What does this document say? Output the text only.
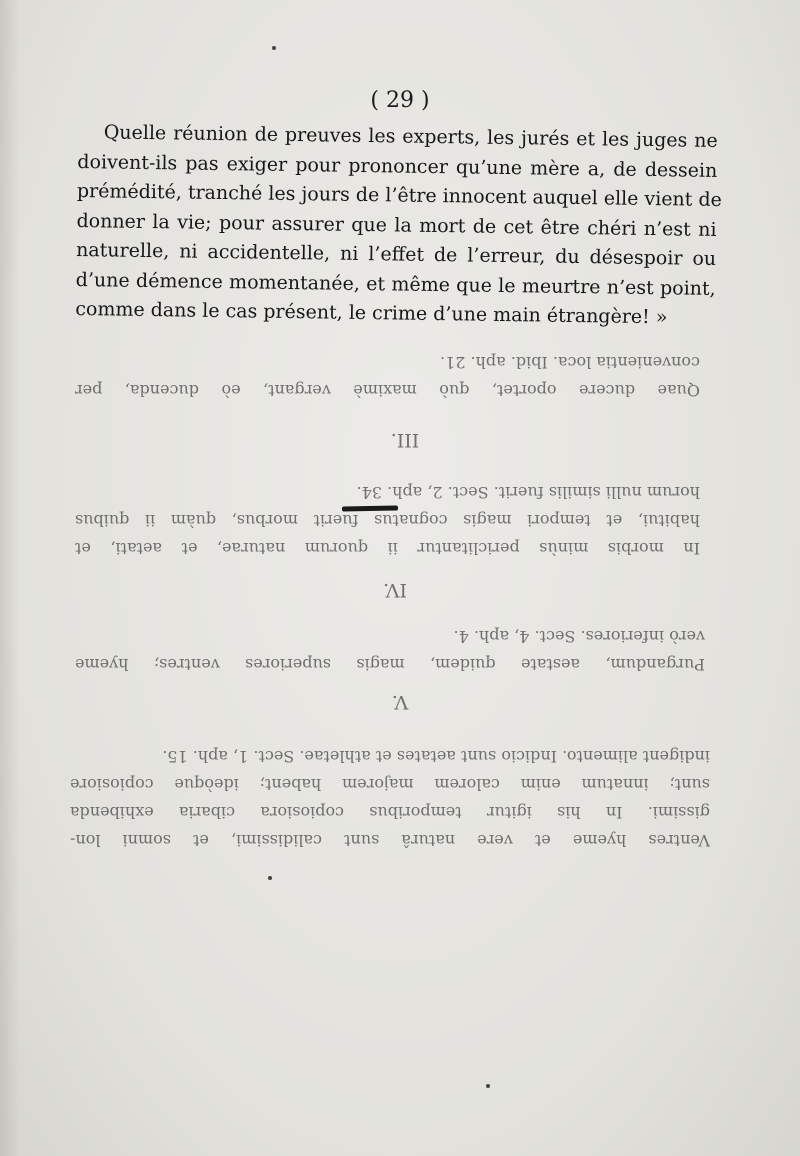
( 29 )
Quelle réunion de preuves les experts, les jurés et les juges ne
doivent-ils pas exiger pour prononcer qu’une mère a, de dessein
prémédité, tranché les jours de l’être innocent auquel elle vient de
donner la vie; pour assurer que la mort de cet être chéri n’est ni
naturelle, ni accidentelle, ni l’effet de l’erreur, du désespoir ou
d’une démence momentanée, et même que le meurtre n’est point,
comme dans le cas présent, le crime d’une main étrangère! »
Quae ducere oportet, quò maximè vergant, eò ducenda, per
convenientia loca. Ibid. aph. 21.
III.
In morbis minùs periclitantur ii quorum naturae, et aetati, et
habitui, et tempori magis cognatus fuerit morbus, quàm ii quibus
horum nulli similis fuerit. Sect. 2, aph. 34.
IV.
Purgandum, aestate quidem, magis superiores ventres; hyeme
verò inferiores. Sect. 4, aph. 4.
V.
Ventres hyeme et vere naturâ sunt calidissimi, et somni lon-
gissimi. In his igitur temporibus copiosiora cibaria exhibenda
sunt; innatum enim calorem majorem habent; ideòque copiosiore
indigent alimento. Indicio sunt aetates et athletae. Sect. 1, aph. 15.
